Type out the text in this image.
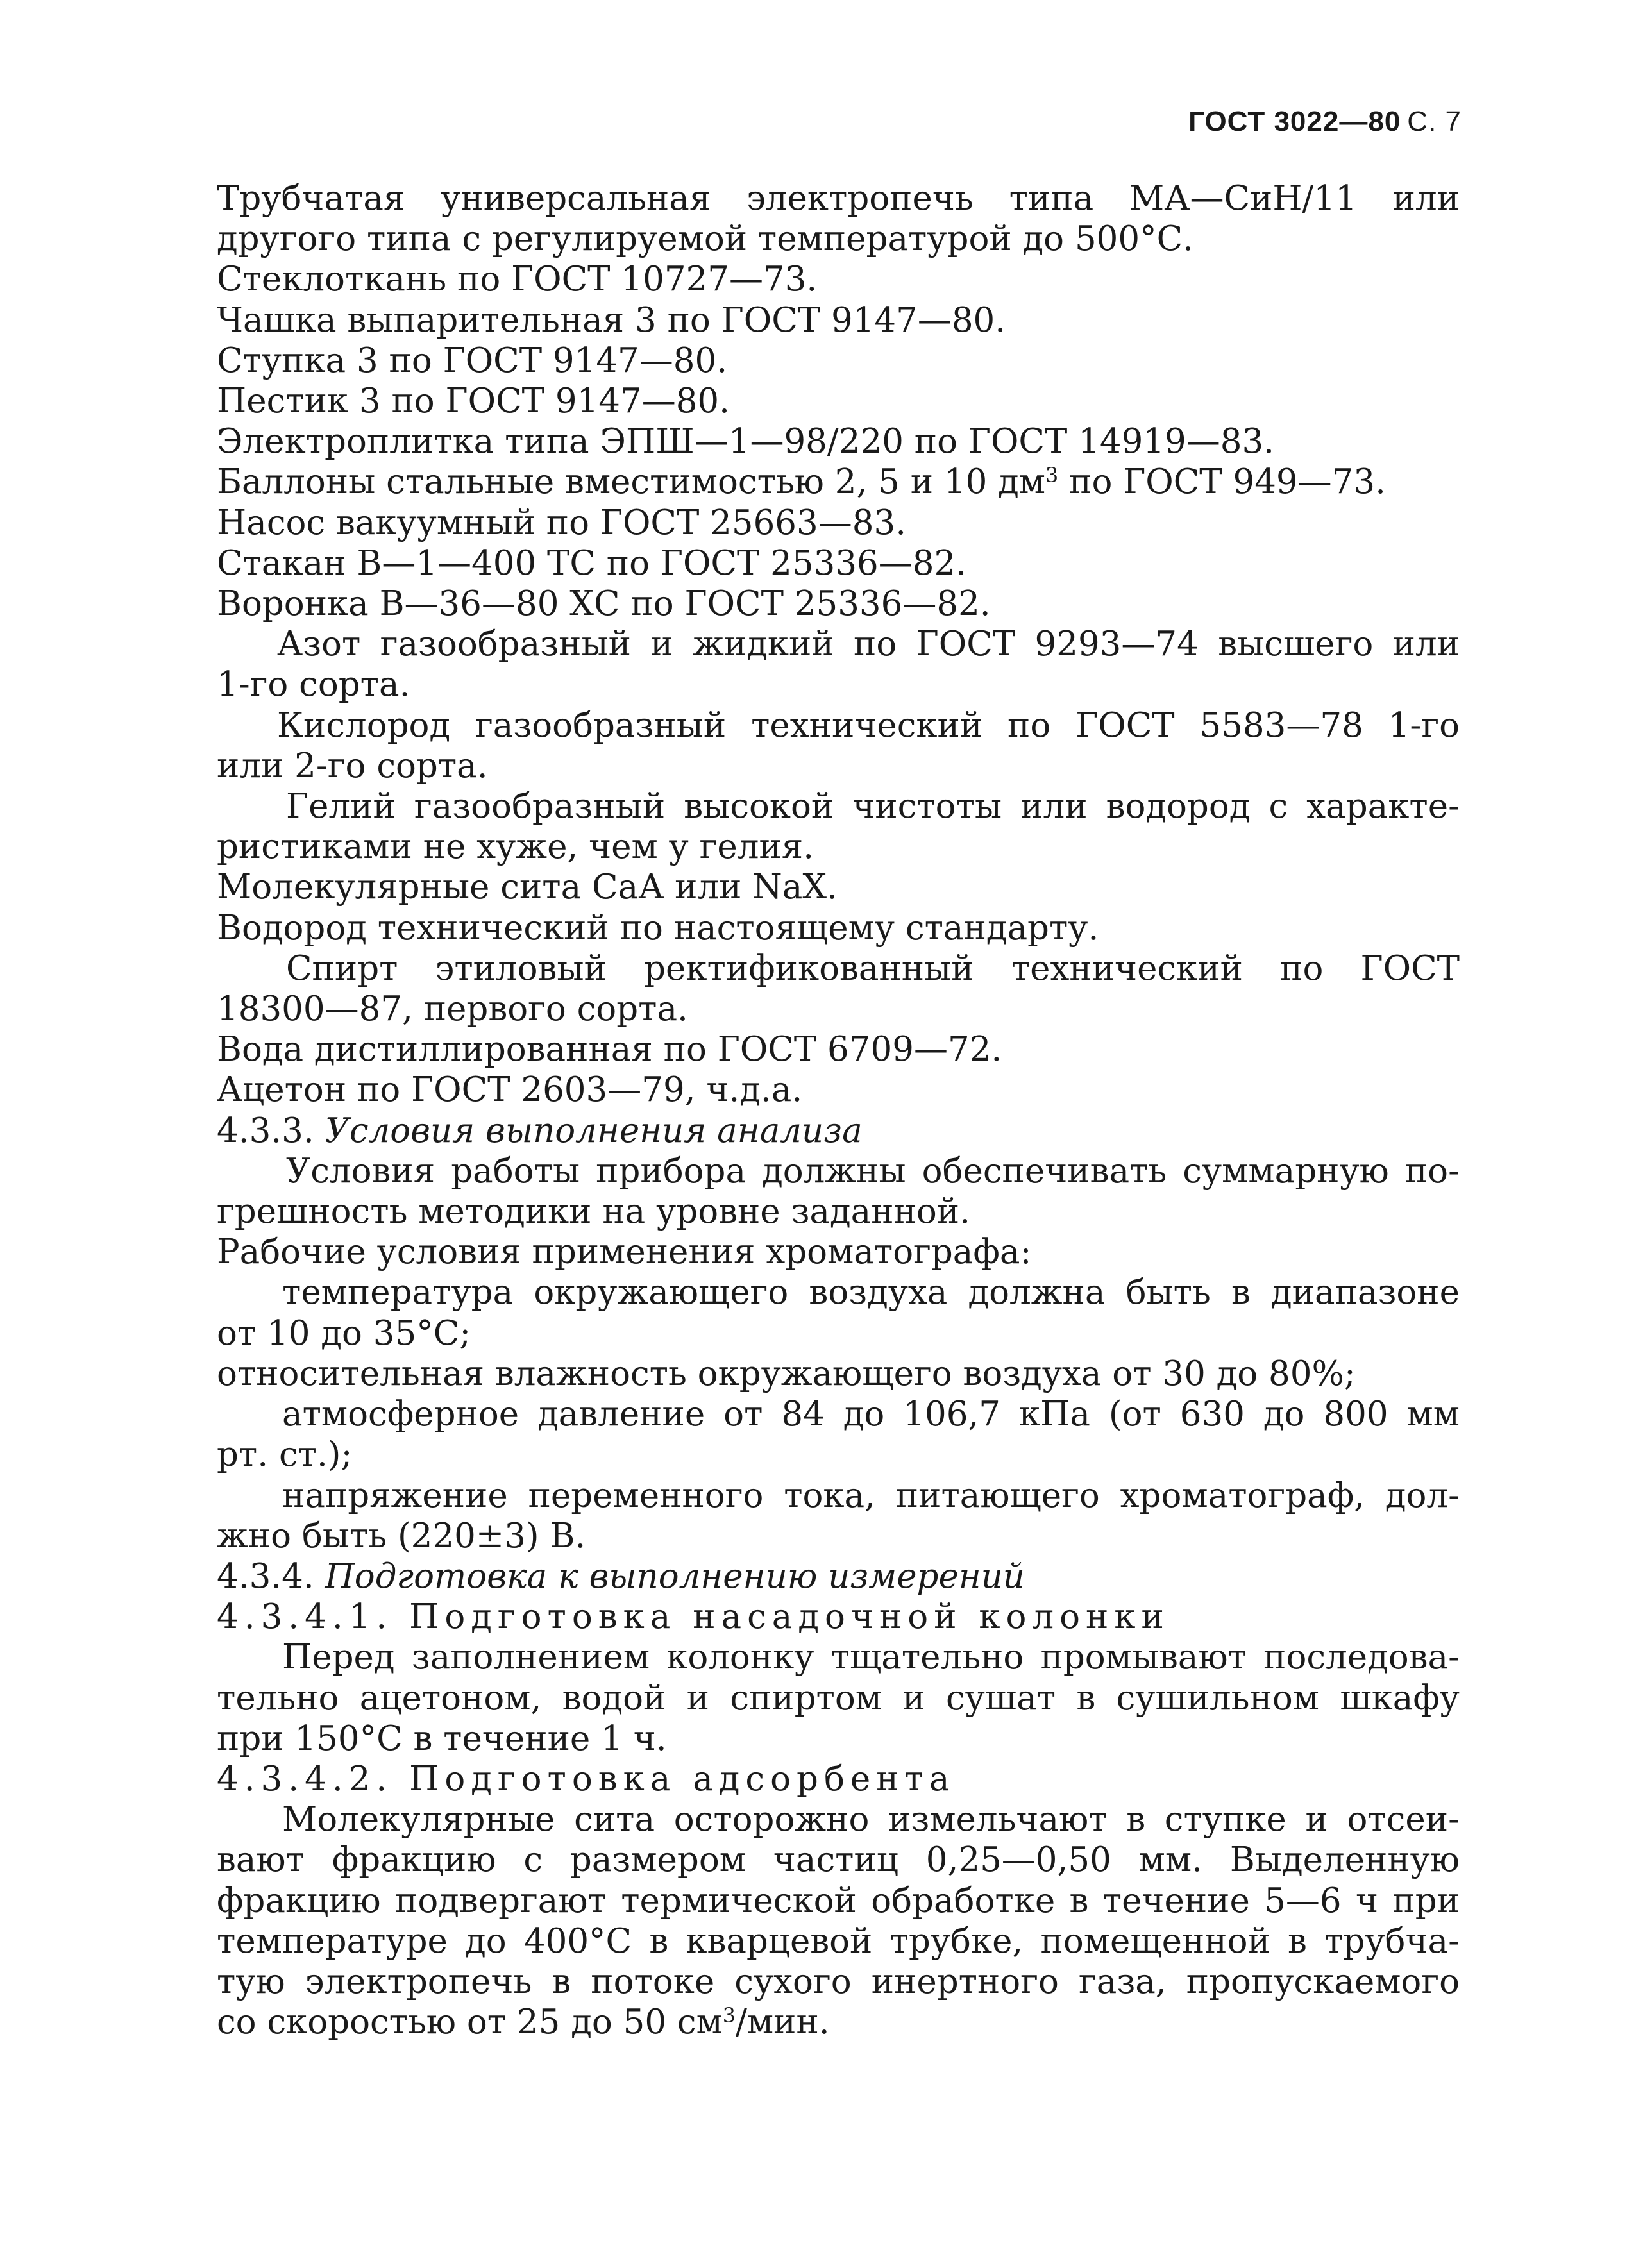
ГОСТ 3022—80 С. 7

Трубчатая универсальная электропечь типа МА—СиН/11 или

другого типа с регулируемой температурой до 500°С.

Стеклоткань по ГОСТ 10727—73.

Чашка выпарительная 3 по ГОСТ 9147—80.

Ступка 3 по ГОСТ 9147—80.

Пестик 3 по ГОСТ 9147—80.

Электроплитка типа ЭПШ—1—98/220 по ГОСТ 14919—83.

Баллоны стальные вместимостью 2, 5 и 10 $дм^3$ по ГОСТ 949—73.

Насос вакуумный по ГОСТ 25663—83.

Стакан В—1—400 ТС по ГОСТ 25336—82.

Воронка В—36—80 ХС по ГОСТ 25336—82.

Азот газообразный и жидкий по ГОСТ 9293—74 высшего или

1-го сорта.

Кислород газообразный технический по ГОСТ 5583—78 1-го

или 2-го сорта.

Гелий газообразный высокой чистоты или водород с характе-

ристиками не хуже, чем у гелия.

Молекулярные сита СаА или NaX.

Водород технический по настоящему стандарту.

Спирт этиловый ректификованный технический по ГОСТ

18300—87, первого сорта.

Вода дистиллированная по ГОСТ 6709—72.

Ацетон по ГОСТ 2603—79, ч.д.а.

4.3.3. Условия выполнения анализа

Условия работы прибора должны обеспечивать суммарную по-

грешность методики на уровне заданной.

Рабочие условия применения хроматографа:

температура окружающего воздуха должна быть в диапазоне

от 10 до 35°С;

относительная влажность окружающего воздуха от 30 до 80%;

атмосферное давление от 84 до 106,7 кПа (от 630 до 800 мм

рт. ст.);

напряжение переменного тока, питающего хроматограф, дол-

жно быть (220±3) В.

4.3.4. Подготовка к выполнению измерений

4.3.4.1. Подготовка насадочной колонки

Перед заполнением колонку тщательно промывают последова-

тельно ацетоном, водой и спиртом и сушат в сушильном шкафу

при 150°С в течение 1 ч.

4.3.4.2. Подготовка адсорбента

Молекулярные сита осторожно измельчают в ступке и отсеи-

вают фракцию с размером частиц 0,25—0,50 мм. Выделенную

фракцию подвергают термической обработке в течение 5—6 ч при

температуре до 400°С в кварцевой трубке, помещенной в трубча-

тую электропечь в потоке сухого инертного газа, пропускаемого

со скоростью от 25 до 50 $см^3$/мин.
